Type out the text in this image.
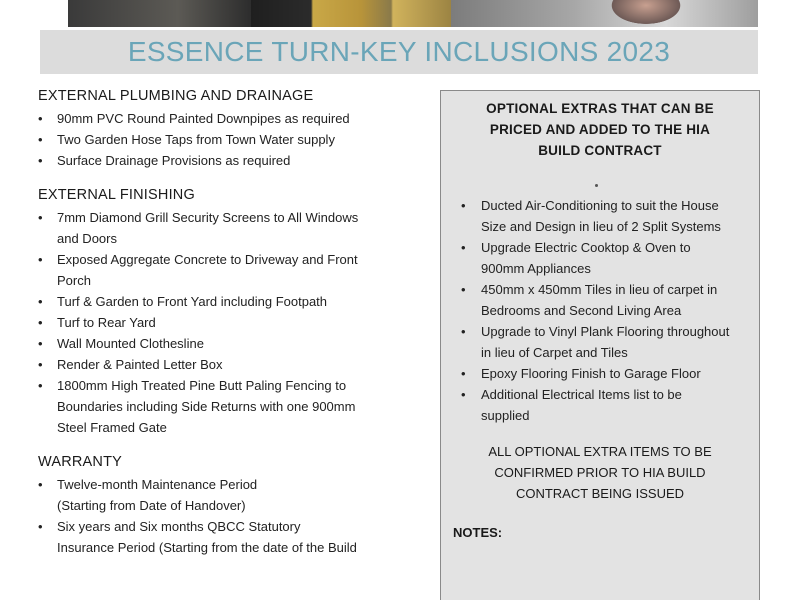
ESSENCE TURN-KEY INCLUSIONS 2023
EXTERNAL PLUMBING AND DRAINAGE
• 90mm PVC Round Painted Downpipes as required
• Two Garden Hose Taps from Town Water supply
• Surface Drainage Provisions as required
EXTERNAL FINISHING
• 7mm Diamond Grill Security Screens to All Windows
and Doors
• Exposed Aggregate Concrete to Driveway and Front
Porch
• Turf & Garden to Front Yard including Footpath
• Turf to Rear Yard
• Wall Mounted Clothesline
• Render & Painted Letter Box
• 1800mm High Treated Pine Butt Paling Fencing to
Boundaries including Side Returns with one 900mm
Steel Framed Gate
WARRANTY
• Twelve-month Maintenance Period
(Starting from Date of Handover)
• Six years and Six months QBCC Statutory
Insurance Period (Starting from the date of the Build
OPTIONAL EXTRAS THAT CAN BE
PRICED AND ADDED TO THE HIA
BUILD CONTRACT
• Ducted Air-Conditioning to suit the House
Size and Design in lieu of 2 Split Systems
• Upgrade Electric Cooktop & Oven to
900mm Appliances
• 450mm x 450mm Tiles in lieu of carpet in
Bedrooms and Second Living Area
• Upgrade to Vinyl Plank Flooring throughout
in lieu of Carpet and Tiles
• Epoxy Flooring Finish to Garage Floor
• Additional Electrical Items list to be
supplied
ALL OPTIONAL EXTRA ITEMS TO BE
CONFIRMED PRIOR TO HIA BUILD
CONTRACT BEING ISSUED
NOTES:
